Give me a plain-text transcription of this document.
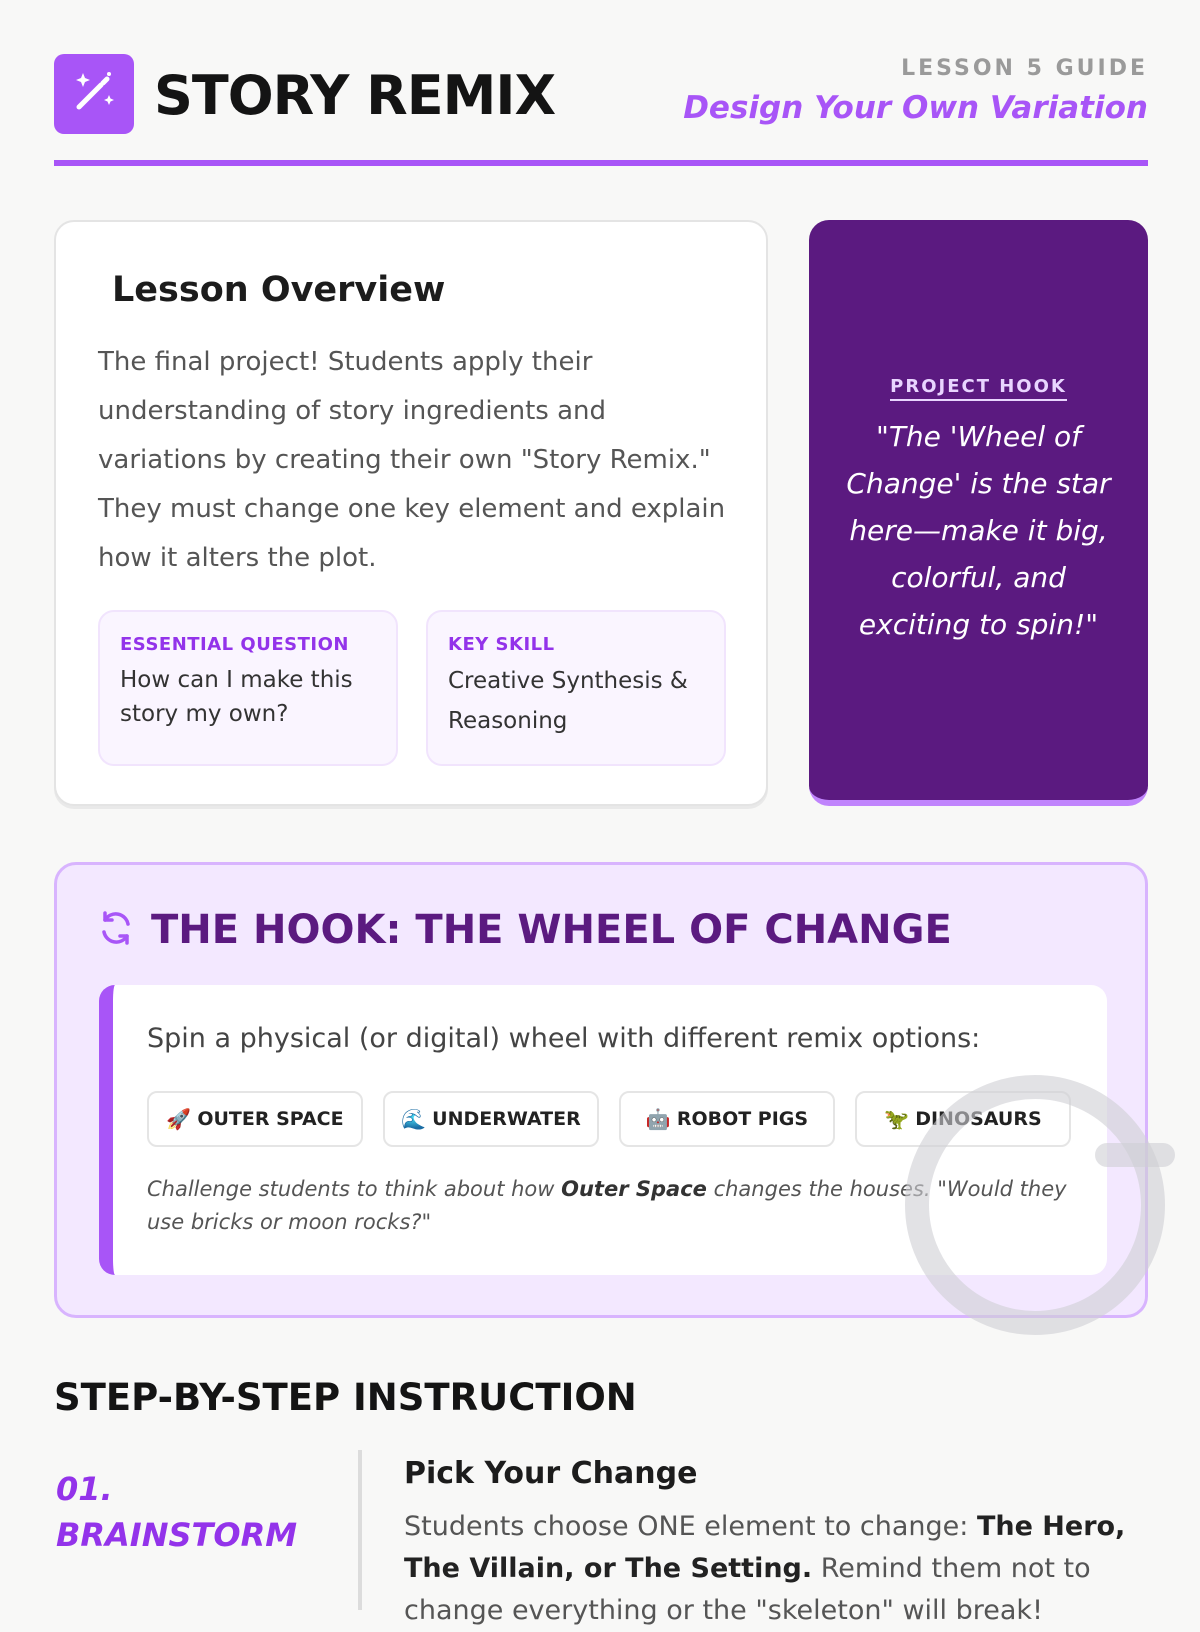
STORY REMIX	LESSON 5 GUIDE
Design Your Own Variation
Lesson Overview
The final project! Students apply their understanding of story ingredients and variations by creating their own "Story Remix." They must change one key element and explain how it alters the plot.
ESSENTIAL QUESTION
How can I make this story my own?
KEY SKILL
Creative Synthesis & Reasoning
PROJECT HOOK
"The 'Wheel of Change' is the star here—make it big, colorful, and exciting to spin!"
THE HOOK: THE WHEEL OF CHANGE
Spin a physical (or digital) wheel with different remix options:
🚀 OUTER SPACE	🌊 UNDERWATER	🤖 ROBOT PIGS	🦖 DINOSAURS
Challenge students to think about how Outer Space changes the houses. "Would they use bricks or moon rocks?"
STEP-BY-STEP INSTRUCTION
01.
BRAINSTORM
Pick Your Change
Students choose ONE element to change: The Hero, The Villain, or The Setting. Remind them not to change everything or the "skeleton" will break!
